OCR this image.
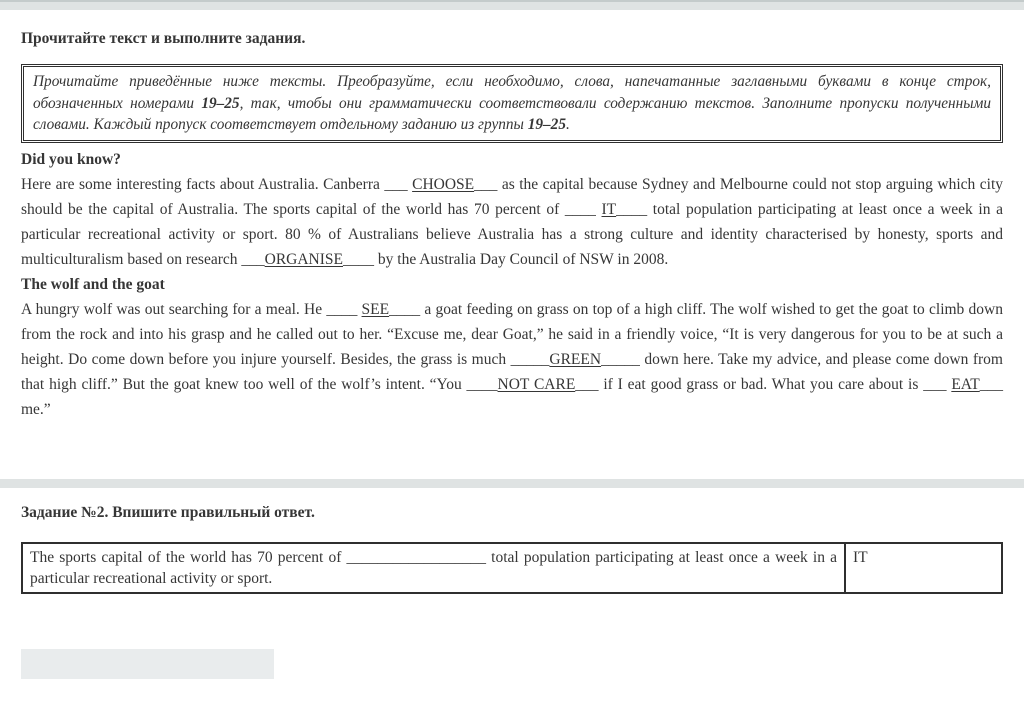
Прочитайте текст и выполните задания.

Прочитайте приведённые ниже тексты. Преобразуйте, если необходимо, слова, напечатанные заглавными буквами в конце строк, обозначенных номерами 19–25, так, чтобы они грамматически соответствовали содержанию текстов. Заполните пропуски полученными словами. Каждый пропуск соответствует отдельному заданию из группы 19–25.

Did you know?

Here are some interesting facts about Australia. Canberra ___ CHOOSE___ as the capital because Sydney and Melbourne could not stop arguing which city should be the capital of Australia. The sports capital of the world has 70 percent of ____ IT____ total population participating at least once a week in a particular recreational activity or sport. 80 % of Australians believe Australia has a strong culture and identity characterised by honesty, sports and multiculturalism based on research ___ORGANISE____ by the Australia Day Council of NSW in 2008.

The wolf and the goat

A hungry wolf was out searching for a meal. He ____ SEE____ a goat feeding on grass on top of a high cliff. The wolf wished to get the goat to climb down from the rock and into his grasp and he called out to her. “Excuse me, dear Goat,” he said in a friendly voice, “It is very dangerous for you to be at such a height. Do come down before you injure yourself. Besides, the grass is much _____GREEN_____ down here. Take my advice, and please come down from that high cliff.” But the goat knew too well of the wolf’s intent. “You ____NOT CARE___ if I eat good grass or bad. What you care about is ___ EAT___ me.”

Задание №2. Впишите правильный ответ.
The sports capital of the world has 70 percent of __________________ total population participating at least once a week in a particular recreational activity or sport.	IT
